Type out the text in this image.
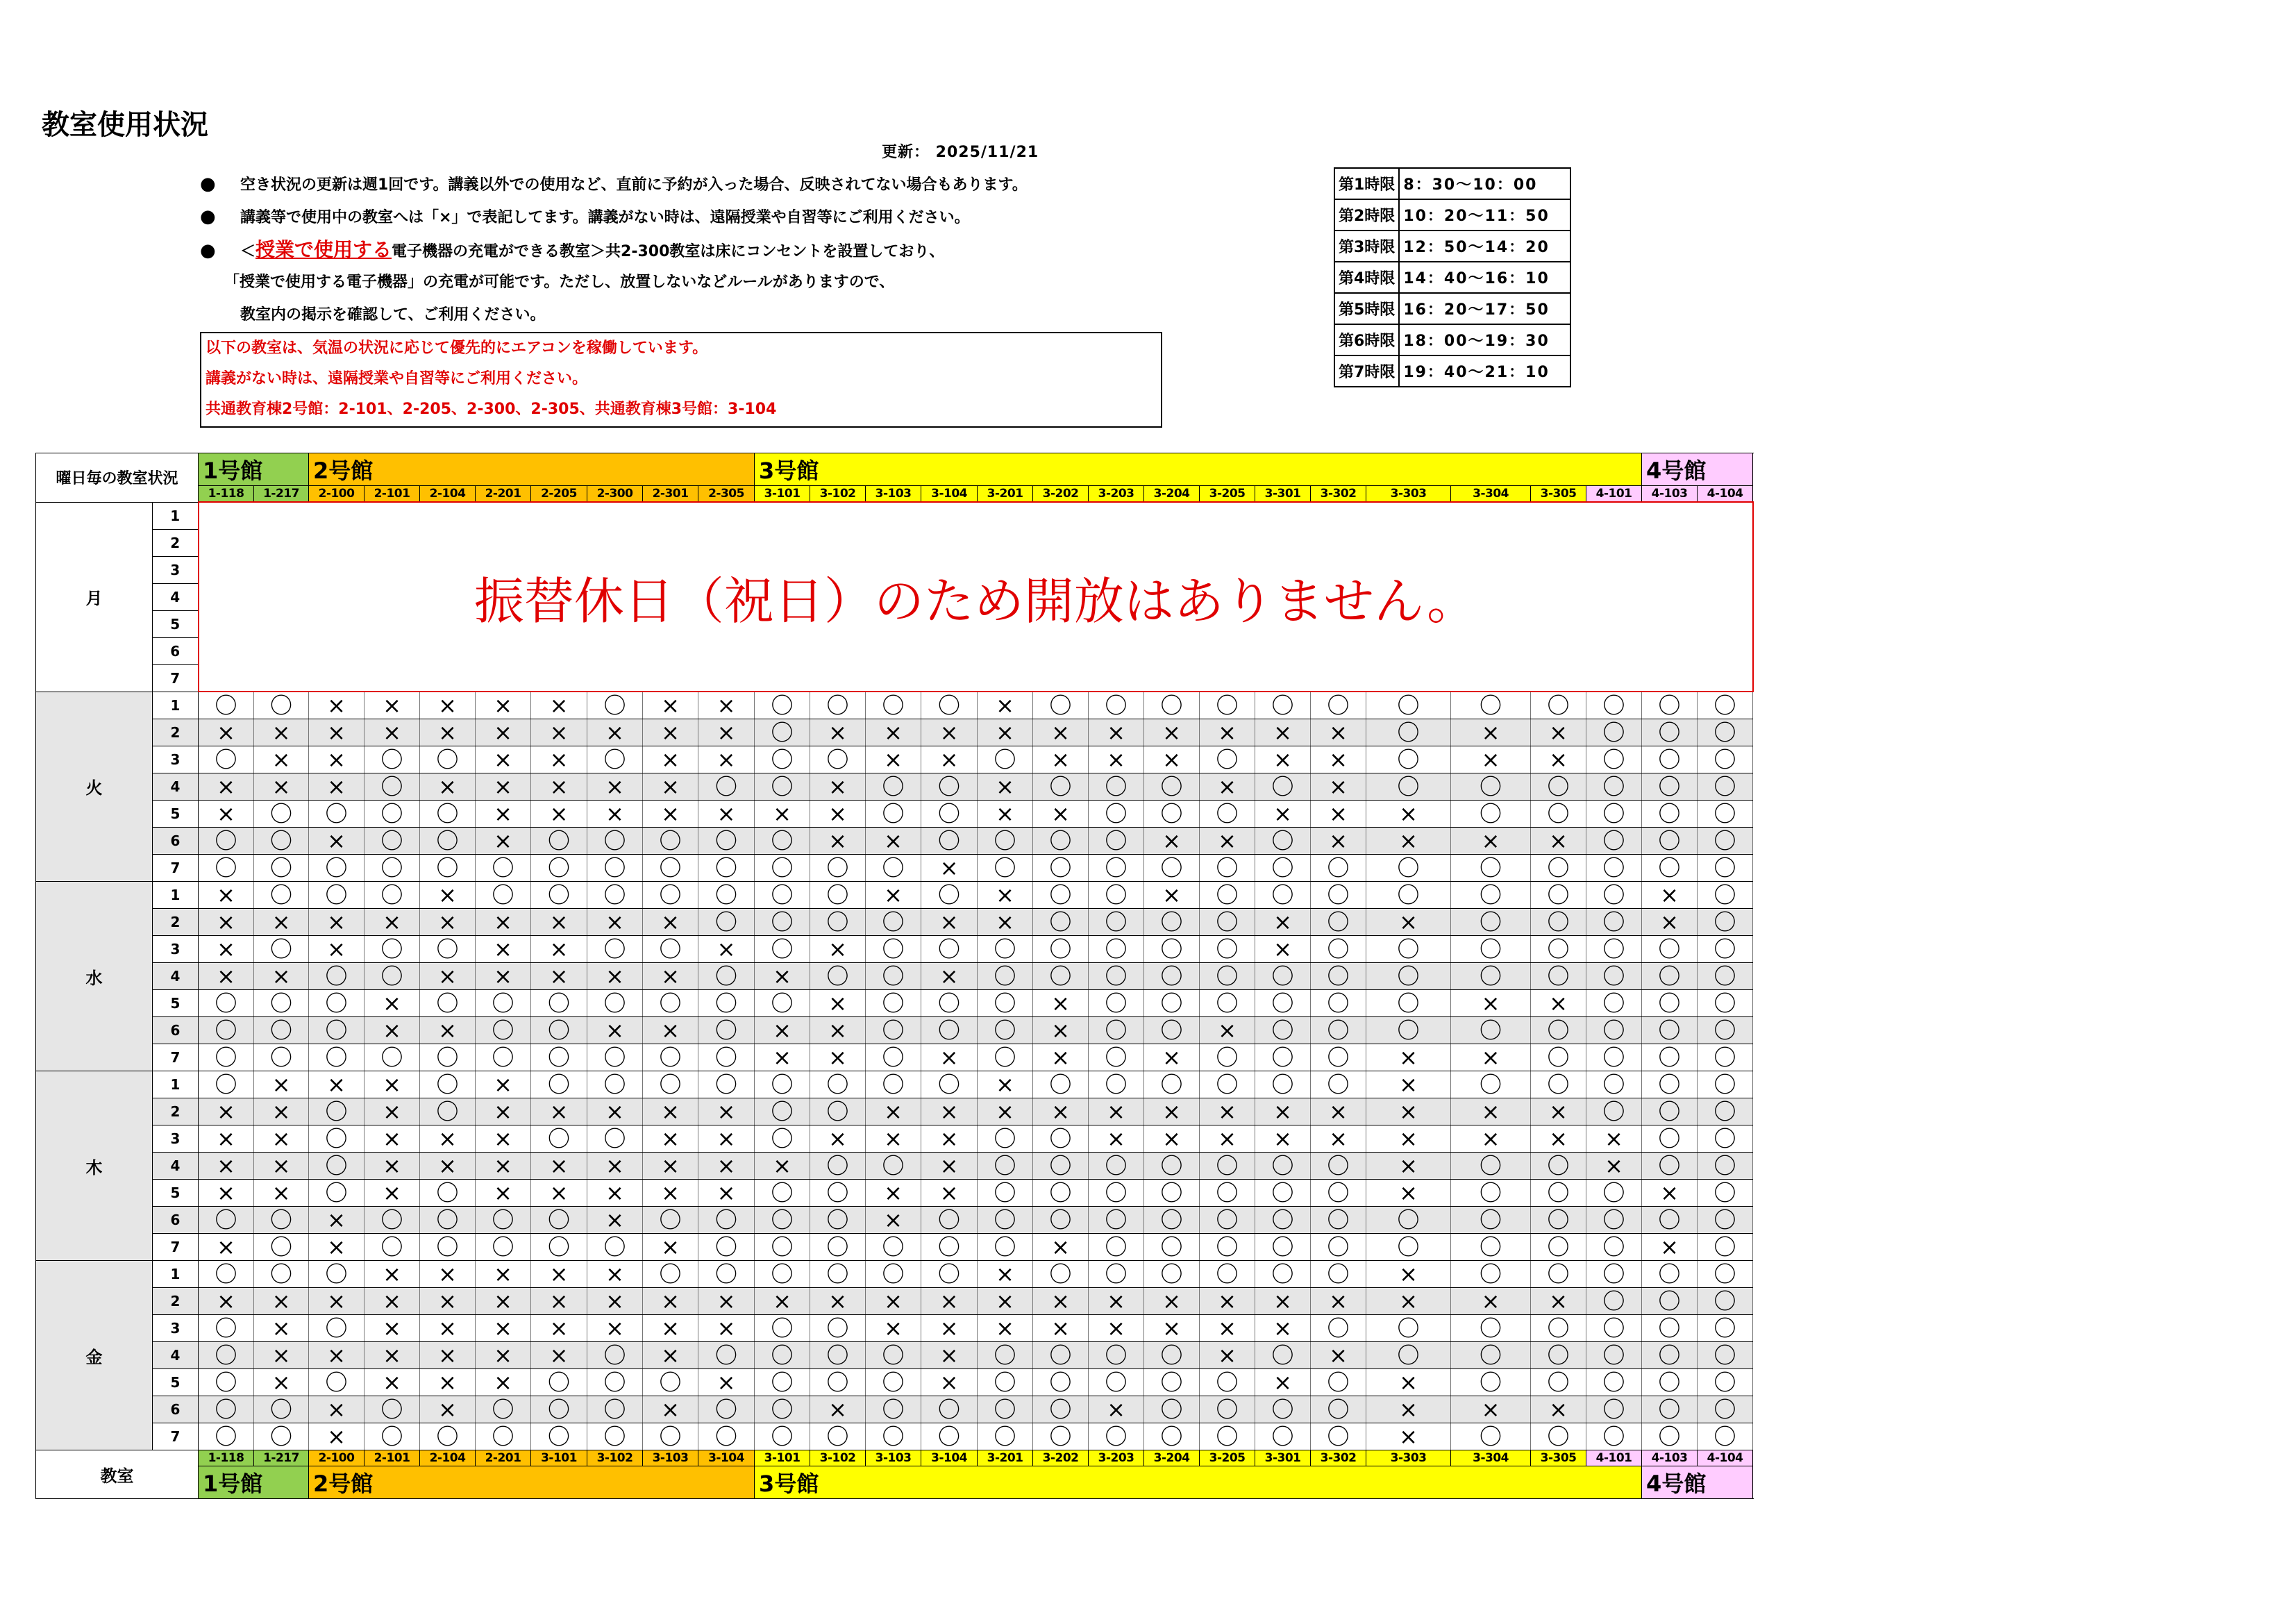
教室使用状況
更新： 2025/11/21
● 空き状況の更新は週1回です。講義以外での使用など、直前に予約が入った場合、反映されてない場合もあります。
● 講義等で使用中の教室へは「×」で表記してます。講義がない時は、遠隔授業や自習等にご利用ください。
● ＜授業で使用する電子機器の充電ができる教室＞共2-300教室は床にコンセントを設置しており、
「授業で使用する電子機器」の充電が可能です。ただし、放置しないなどルールがありますので、
教室内の掲示を確認して、ご利用ください。
以下の教室は、気温の状況に応じて優先的にエアコンを稼働しています。
講義がない時は、遠隔授業や自習等にご利用ください。
共通教育棟2号館：2-101、2-205、2-300、2-305、共通教育棟3号館：3-104
第1時限	8：30～10：00
第2時限	10：20～11：50
第3時限	12：50～14：20
第4時限	14：40～16：10
第5時限	16：20～17：50
第6時限	18：00～19：30
第7時限	19：40～21：10
曜日毎の教室状況		1号館		2号館								3号館															4号館	
		1-118	1-217	2-100	2-101	2-104	2-201	2-205	2-300	2-301	2-305	3-101	3-102	3-103	3-104	3-201	3-202	3-203	3-204	3-205	3-301	3-302	3-303	3-304	3-305	4-101	4-103	4-104
月	1	振替休日（祝日）のため開放はありません。																										
	2																											
	3																											
	4																											
	5																											
	6																											
	7																											
火	1	〇	〇	×	×	×	×	×	〇	×	×	〇	〇	〇	〇	×	〇	〇	〇	〇	〇	〇	〇	〇	〇	〇	〇	〇
	2	×	×	×	×	×	×	×	×	×	×	〇	×	×	×	×	×	×	×	×	×	×	〇	×	×	〇	〇	〇
	3	〇	×	×	〇	〇	×	×	〇	×	×	〇	〇	×	×	〇	×	×	×	〇	×	×	〇	×	×	〇	〇	〇
	4	×	×	×	〇	×	×	×	×	×	〇	〇	×	〇	〇	×	〇	〇	〇	×	〇	×	〇	〇	〇	〇	〇	〇
	5	×	〇	〇	〇	〇	×	×	×	×	×	×	×	〇	〇	×	×	〇	〇	〇	×	×	×	〇	〇	〇	〇	〇
	6	〇	〇	×	〇	〇	×	〇	〇	〇	〇	〇	×	×	〇	〇	〇	〇	×	×	〇	×	×	×	×	〇	〇	〇
	7	〇	〇	〇	〇	〇	〇	〇	〇	〇	〇	〇	〇	〇	×	〇	〇	〇	〇	〇	〇	〇	〇	〇	〇	〇	〇	〇
水	1	×	〇	〇	〇	×	〇	〇	〇	〇	〇	〇	〇	×	〇	×	〇	〇	×	〇	〇	〇	〇	〇	〇	〇	×	〇
	2	×	×	×	×	×	×	×	×	×	〇	〇	〇	〇	×	×	〇	〇	〇	〇	×	〇	×	〇	〇	〇	×	〇
	3	×	〇	×	〇	〇	×	×	〇	〇	×	〇	×	〇	〇	〇	〇	〇	〇	〇	×	〇	〇	〇	〇	〇	〇	〇
	4	×	×	〇	〇	×	×	×	×	×	〇	×	〇	〇	×	〇	〇	〇	〇	〇	〇	〇	〇	〇	〇	〇	〇	〇
	5	〇	〇	〇	×	〇	〇	〇	〇	〇	〇	〇	×	〇	〇	〇	×	〇	〇	〇	〇	〇	〇	×	×	〇	〇	〇
	6	〇	〇	〇	×	×	〇	〇	×	×	〇	×	×	〇	〇	〇	×	〇	〇	×	〇	〇	〇	〇	〇	〇	〇	〇
	7	〇	〇	〇	〇	〇	〇	〇	〇	〇	〇	×	×	〇	×	〇	×	〇	×	〇	〇	〇	×	×	〇	〇	〇	〇
木	1	〇	×	×	×	〇	×	〇	〇	〇	〇	〇	〇	〇	〇	×	〇	〇	〇	〇	〇	〇	×	〇	〇	〇	〇	〇
	2	×	×	〇	×	〇	×	×	×	×	×	〇	〇	×	×	×	×	×	×	×	×	×	×	×	×	〇	〇	〇
	3	×	×	〇	×	×	×	〇	〇	×	×	〇	×	×	×	〇	〇	×	×	×	×	×	×	×	×	×	〇	〇
	4	×	×	〇	×	×	×	×	×	×	×	×	〇	〇	×	〇	〇	〇	〇	〇	〇	〇	×	〇	〇	×	〇	〇
	5	×	×	〇	×	〇	×	×	×	×	×	〇	〇	×	×	〇	〇	〇	〇	〇	〇	〇	×	〇	〇	〇	×	〇
	6	〇	〇	×	〇	〇	〇	〇	×	〇	〇	〇	〇	×	〇	〇	〇	〇	〇	〇	〇	〇	〇	〇	〇	〇	〇	〇
	7	×	〇	×	〇	〇	〇	〇	〇	×	〇	〇	〇	〇	〇	〇	×	〇	〇	〇	〇	〇	〇	〇	〇	〇	×	〇
金	1	〇	〇	〇	×	×	×	×	×	〇	〇	〇	〇	〇	〇	×	〇	〇	〇	〇	〇	〇	×	〇	〇	〇	〇	〇
	2	×	×	×	×	×	×	×	×	×	×	×	×	×	×	×	×	×	×	×	×	×	×	×	×	〇	〇	〇
	3	〇	×	〇	×	×	×	×	×	×	×	〇	〇	×	×	×	×	×	×	×	×	〇	〇	〇	〇	〇	〇	〇
	4	〇	×	×	×	×	×	×	〇	×	〇	〇	〇	〇	×	〇	〇	〇	〇	×	〇	×	〇	〇	〇	〇	〇	〇
	5	〇	×	〇	×	×	×	〇	〇	〇	×	〇	〇	〇	×	〇	〇	〇	〇	〇	×	〇	×	〇	〇	〇	〇	〇
	6	〇	〇	×	〇	×	〇	〇	〇	×	〇	〇	×	〇	〇	〇	〇	×	〇	〇	〇	〇	×	×	×	〇	〇	〇
	7	〇	〇	×	〇	〇	〇	〇	〇	〇	〇	〇	〇	〇	〇	〇	〇	〇	〇	〇	〇	〇	×	〇	〇	〇	〇	〇
教室		1-118	1-217	2-100	2-101	2-104	2-201	3-101	3-102	3-103	3-104	3-101	3-102	3-103	3-104	3-201	3-202	3-203	3-204	3-205	3-301	3-302	3-303	3-304	3-305	4-101	4-103	4-104
		1号館		2号館								3号館															4号館	
